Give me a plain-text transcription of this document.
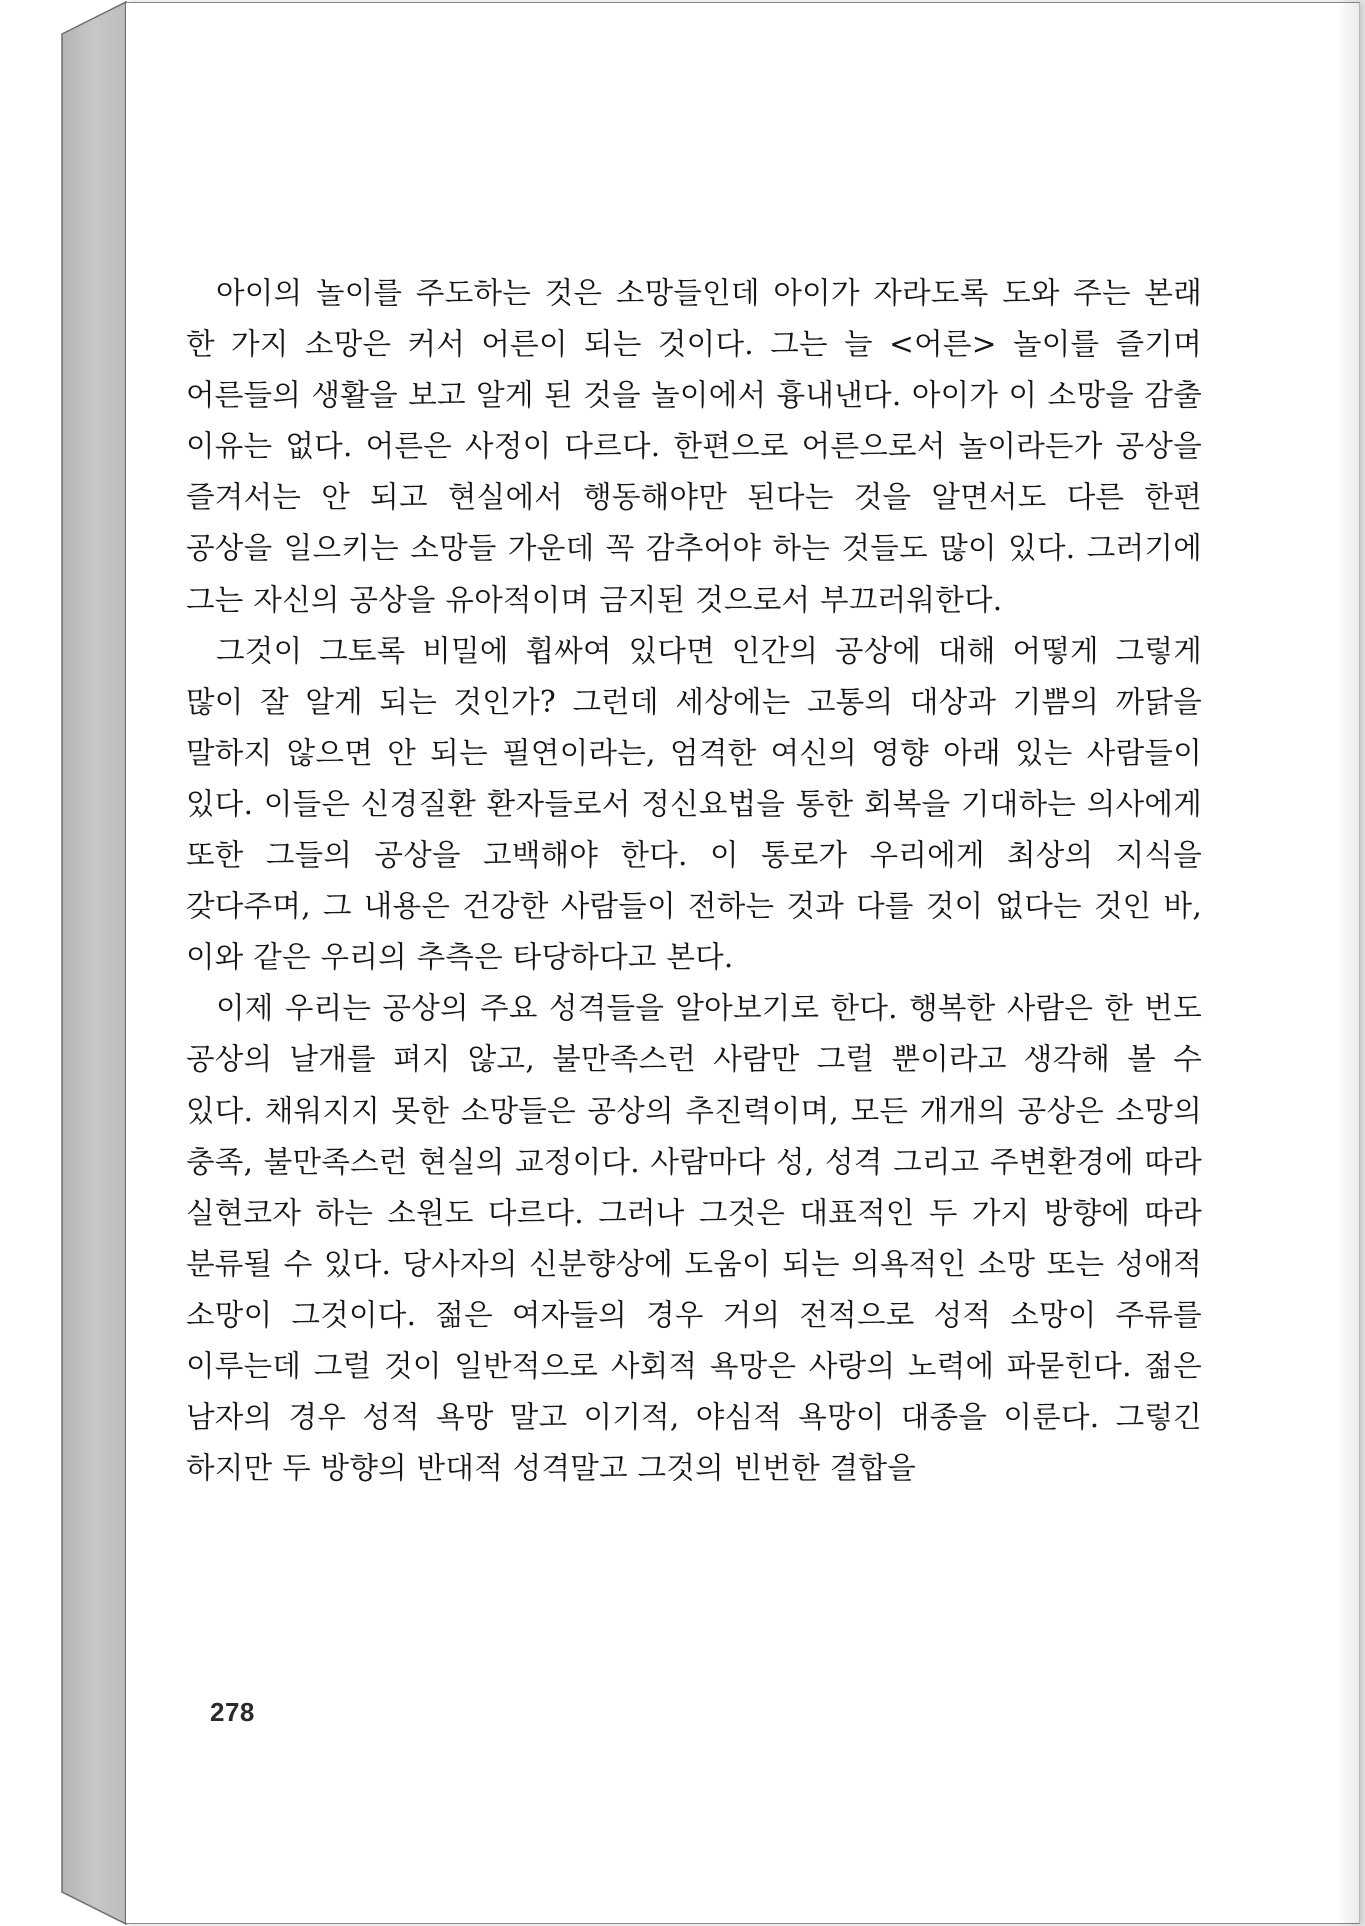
아이의 놀이를 주도하는 것은 소망들인데 아이가 자라도록 도와 주는 본래 한 가지 소망은 커서 어른이 되는 것이다. 그는 늘 <어른> 놀이를 즐기며 어른들의 생활을 보고 알게 된 것을 놀이에서 흉내낸다. 아이가 이 소망을 감출 이유는 없다. 어른은 사정이 다르다. 한편으로 어른으로서 놀이라든가 공상을 즐겨서는 안 되고 현실에서 행동해야만 된다는 것을 알면서도 다른 한편 공상을 일으키는 소망들 가운데 꼭 감추어야 하는 것들도 많이 있다. 그러기에 그는 자신의 공상을 유아적이며 금지된 것으로서 부끄러워한다.

그것이 그토록 비밀에 휩싸여 있다면 인간의 공상에 대해 어떻게 그렇게 많이 잘 알게 되는 것인가? 그런데 세상에는 고통의 대상과 기쁨의 까닭을 말하지 않으면 안 되는 필연이라는, 엄격한 여신의 영향 아래 있는 사람들이 있다. 이들은 신경질환 환자들로서 정신요법을 통한 회복을 기대하는 의사에게 또한 그들의 공상을 고백해야 한다. 이 통로가 우리에게 최상의 지식을 갖다주며, 그 내용은 건강한 사람들이 전하는 것과 다를 것이 없다는 것인 바, 이와 같은 우리의 추측은 타당하다고 본다.

이제 우리는 공상의 주요 성격들을 알아보기로 한다. 행복한 사람은 한 번도 공상의 날개를 펴지 않고, 불만족스런 사람만 그럴 뿐이라고 생각해 볼 수 있다. 채워지지 못한 소망들은 공상의 추진력이며, 모든 개개의 공상은 소망의 충족, 불만족스런 현실의 교정이다. 사람마다 성, 성격 그리고 주변환경에 따라 실현코자 하는 소원도 다르다. 그러나 그것은 대표적인 두 가지 방향에 따라 분류될 수 있다. 당사자의 신분향상에 도움이 되는 의욕적인 소망 또는 성애적 소망이 그것이다. 젊은 여자들의 경우 거의 전적으로 성적 소망이 주류를 이루는데 그럴 것이 일반적으로 사회적 욕망은 사랑의 노력에 파묻힌다. 젊은 남자의 경우 성적 욕망 말고 이기적, 야심적 욕망이 대종을 이룬다. 그렇긴 하지만 두 방향의 반대적 성격말고 그것의 빈번한 결합을

278
